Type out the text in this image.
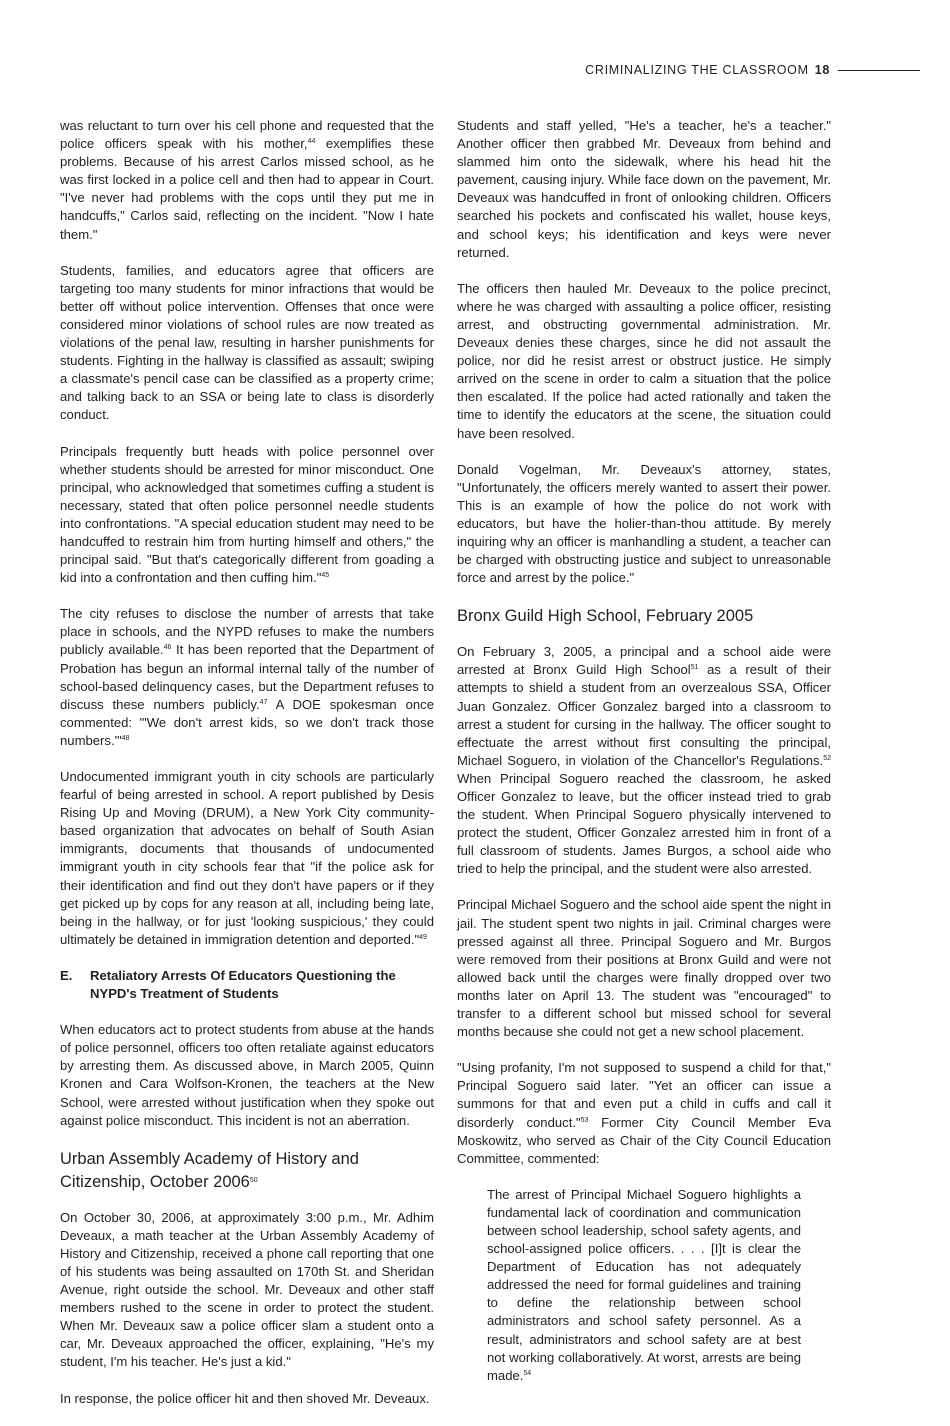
CRIMINALIZING THE CLASSROOM 18

was reluctant to turn over his cell phone and requested that the police officers speak with his mother,$^{44}$ exemplifies these problems. Because of his arrest Carlos missed school, as he was first locked in a police cell and then had to appear in Court. "I've never had problems with the cops until they put me in handcuffs," Carlos said, reflecting on the incident. "Now I hate them."

Students, families, and educators agree that officers are targeting too many students for minor infractions that would be better off without police intervention. Offenses that once were considered minor violations of school rules are now treated as violations of the penal law, resulting in harsher punishments for students. Fighting in the hallway is classified as assault; swiping a classmate's pencil case can be classified as a property crime; and talking back to an SSA or being late to class is disorderly conduct.

Principals frequently butt heads with police personnel over whether students should be arrested for minor misconduct. One principal, who acknowledged that sometimes cuffing a student is necessary, stated that often police personnel needle students into confrontations. "A special education student may need to be handcuffed to restrain him from hurting himself and others," the principal said. "But that's categorically different from goading a kid into a confrontation and then cuffing him."$^{45}$

The city refuses to disclose the number of arrests that take place in schools, and the NYPD refuses to make the numbers publicly available.$^{46}$ It has been reported that the Department of Probation has begun an informal internal tally of the number of school-based delinquency cases, but the Department refuses to discuss these numbers publicly.$^{47}$ A DOE spokesman once commented: "'We don't arrest kids, so we don't track those numbers.'"$^{48}$

Undocumented immigrant youth in city schools are particularly fearful of being arrested in school. A report published by Desis Rising Up and Moving (DRUM), a New York City community-based organization that advocates on behalf of South Asian immigrants, documents that thousands of undocumented immigrant youth in city schools fear that "if the police ask for their identification and find out they don't have papers or if they get picked up by cops for any reason at all, including being late, being in the hallway, or for just 'looking suspicious,' they could ultimately be detained in immigration detention and deported."$^{49}$

E.	Retaliatory Arrests Of Educators Questioning the NYPD's Treatment of Students

When educators act to protect students from abuse at the hands of police personnel, officers too often retaliate against educators by arresting them. As discussed above, in March 2005, Quinn Kronen and Cara Wolfson-Kronen, the teachers at the New School, were arrested without justification when they spoke out against police misconduct. This incident is not an aberration.

Urban Assembly Academy of History and Citizenship, October 2006$^{50}$

On October 30, 2006, at approximately 3:00 p.m., Mr. Adhim Deveaux, a math teacher at the Urban Assembly Academy of History and Citizenship, received a phone call reporting that one of his students was being assaulted on 170th St. and Sheridan Avenue, right outside the school. Mr. Deveaux and other staff members rushed to the scene in order to protect the student. When Mr. Deveaux saw a police officer slam a student onto a car, Mr. Deveaux approached the officer, explaining, "He's my student, I'm his teacher. He's just a kid."

In response, the police officer hit and then shoved Mr. Deveaux.

Students and staff yelled, "He's a teacher, he's a teacher." Another officer then grabbed Mr. Deveaux from behind and slammed him onto the sidewalk, where his head hit the pavement, causing injury. While face down on the pavement, Mr. Deveaux was handcuffed in front of onlooking children. Officers searched his pockets and confiscated his wallet, house keys, and school keys; his identification and keys were never returned.

The officers then hauled Mr. Deveaux to the police precinct, where he was charged with assaulting a police officer, resisting arrest, and obstructing governmental administration. Mr. Deveaux denies these charges, since he did not assault the police, nor did he resist arrest or obstruct justice. He simply arrived on the scene in order to calm a situation that the police then escalated. If the police had acted rationally and taken the time to identify the educators at the scene, the situation could have been resolved.

Donald Vogelman, Mr. Deveaux's attorney, states, "Unfortunately, the officers merely wanted to assert their power. This is an example of how the police do not work with educators, but have the holier-than-thou attitude. By merely inquiring why an officer is manhandling a student, a teacher can be charged with obstructing justice and subject to unreasonable force and arrest by the police."

Bronx Guild High School, February 2005

On February 3, 2005, a principal and a school aide were arrested at Bronx Guild High School$^{51}$ as a result of their attempts to shield a student from an overzealous SSA, Officer Juan Gonzalez. Officer Gonzalez barged into a classroom to arrest a student for cursing in the hallway. The officer sought to effectuate the arrest without first consulting the principal, Michael Soguero, in violation of the Chancellor's Regulations.$^{52}$ When Principal Soguero reached the classroom, he asked Officer Gonzalez to leave, but the officer instead tried to grab the student. When Principal Soguero physically intervened to protect the student, Officer Gonzalez arrested him in front of a full classroom of students. James Burgos, a school aide who tried to help the principal, and the student were also arrested.

Principal Michael Soguero and the school aide spent the night in jail. The student spent two nights in jail. Criminal charges were pressed against all three. Principal Soguero and Mr. Burgos were removed from their positions at Bronx Guild and were not allowed back until the charges were finally dropped over two months later on April 13. The student was "encouraged" to transfer to a different school but missed school for several months because she could not get a new school placement.

"Using profanity, I'm not supposed to suspend a child for that," Principal Soguero said later. "Yet an officer can issue a summons for that and even put a child in cuffs and call it disorderly conduct."$^{53}$ Former City Council Member Eva Moskowitz, who served as Chair of the City Council Education Committee, commented:

The arrest of Principal Michael Soguero highlights a fundamental lack of coordination and communication between school leadership, school safety agents, and school-assigned police officers. . . . [I]t is clear the Department of Education has not adequately addressed the need for formal guidelines and training to define the relationship between school administrators and school safety personnel. As a result, administrators and school safety are at best not working collaboratively. At worst, arrests are being made.$^{54}$
